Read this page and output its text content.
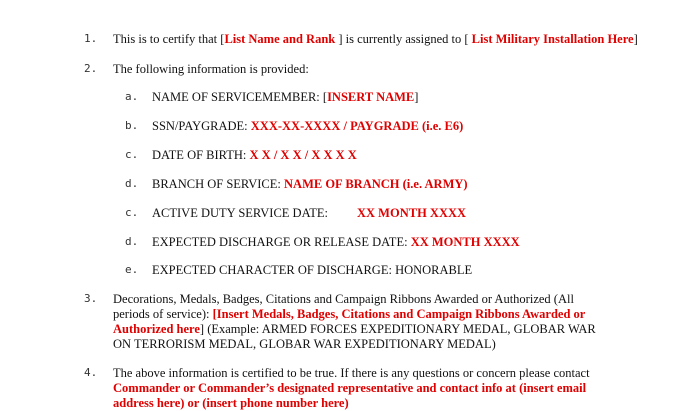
1.	This is to certify that [List Name and Rank ] is currently assigned to [ List Military Installation Here]
2.	The following information is provided:
a. NAME OF SERVICEMEMBER: [INSERT NAME]
b. SSN/PAYGRADE: XXX-XX-XXXX / PAYGRADE (i.e. E6)
c. DATE OF BIRTH: X X / X X / X X X X
d. BRANCH OF SERVICE: NAME OF BRANCH (i.e. ARMY)
c. ACTIVE DUTY SERVICE DATE: XX MONTH XXXX
d. EXPECTED DISCHARGE OR RELEASE DATE: XX MONTH XXXX
e. EXPECTED CHARACTER OF DISCHARGE: HONORABLE
3.	Decorations, Medals, Badges, Citations and Campaign Ribbons Awarded or Authorized (All
periods of service): [Insert Medals, Badges, Citations and Campaign Ribbons Awarded or
Authorized here] (Example: ARMED FORCES EXPEDITIONARY MEDAL, GLOBAR WAR
ON TERRORISM MEDAL, GLOBAR WAR EXPEDITIONARY MEDAL)
4.	The above information is certified to be true. If there is any questions or concern please contact
Commander or Commander’s designated representative and contact info at (insert email
address here) or (insert phone number here)
